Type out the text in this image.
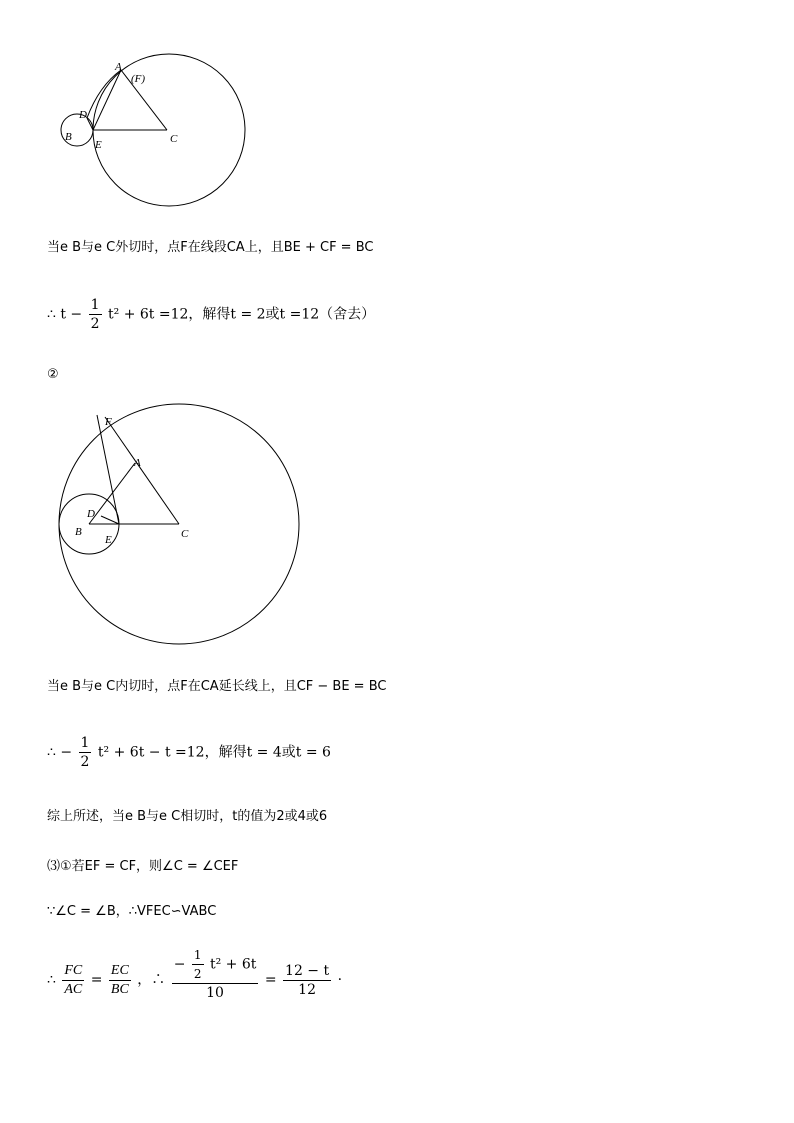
A
(F)
D
B
E	C
当e B与e C外切时，点F在线段CA上，且BE + CF = BC
∴ $t - \frac{1}{2} t^2 + 6t =12$，解得t = 2或t =12（舍去）
②
F
A
D
B
E	C
当e B与e C内切时，点F在CA延长线上，且CF − BE = BC
∴ − $\frac{1}{2} t^2 + 6t - t =12$，解得t = 4或t = 6
综上所述，当e B与e C相切时，t的值为2或4或6
⑶①若EF = CF，则∠C = ∠CEF
∵∠C = ∠B，∴VFEC∽VABC
∴ $\frac{FC}{AC} = \frac{EC}{BC}$ ，∴ $\frac{- \frac{1}{2} t^2 + 6t}{10} = \frac{12 - t}{12}$ ·
